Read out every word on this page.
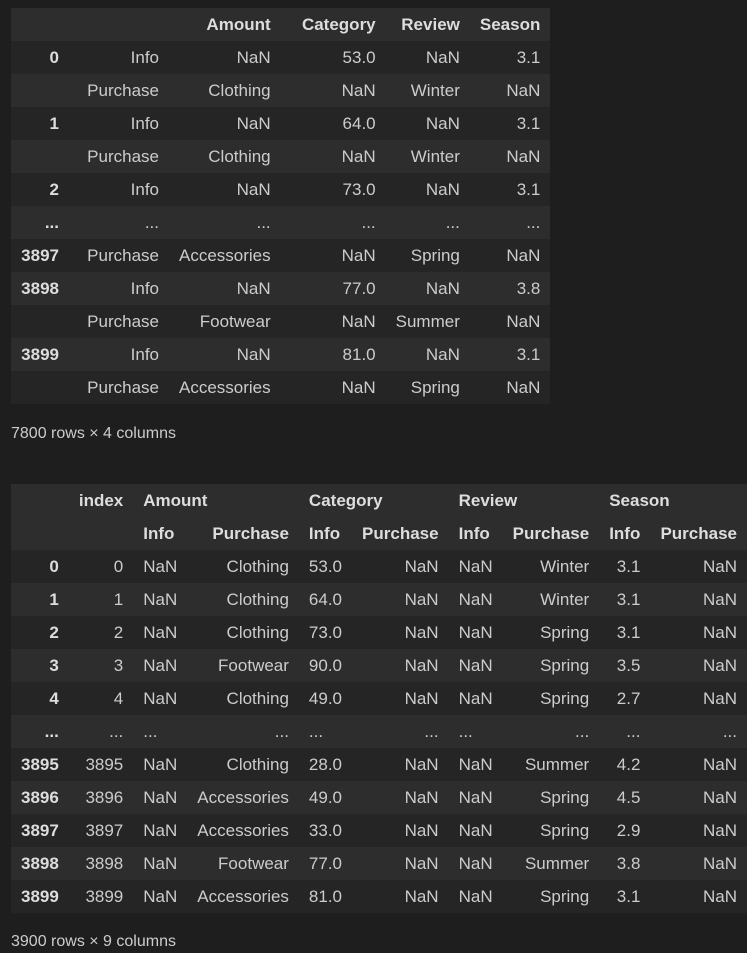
		Amount	Category	Review	Season
0	Info	NaN	53.0	NaN	3.1
	Purchase	Clothing	NaN	Winter	NaN
1	Info	NaN	64.0	NaN	3.1
	Purchase	Clothing	NaN	Winter	NaN
2	Info	NaN	73.0	NaN	3.1
...	...	...	...	...	...
3897	Purchase	Accessories	NaN	Spring	NaN
3898	Info	NaN	77.0	NaN	3.8
	Purchase	Footwear	NaN	Summer	NaN
3899	Info	NaN	81.0	NaN	3.1
	Purchase	Accessories	NaN	Spring	NaN
7800 rows × 4 columns
	index	Amount		Category		Review		Season	
		Info	Purchase	Info	Purchase	Info	Purchase	Info	Purchase
0	0	NaN	Clothing	53.0	NaN	NaN	Winter	3.1	NaN
1	1	NaN	Clothing	64.0	NaN	NaN	Winter	3.1	NaN
2	2	NaN	Clothing	73.0	NaN	NaN	Spring	3.1	NaN
3	3	NaN	Footwear	90.0	NaN	NaN	Spring	3.5	NaN
4	4	NaN	Clothing	49.0	NaN	NaN	Spring	2.7	NaN
...	...	...	...	...	...	...	...	...	...
3895	3895	NaN	Clothing	28.0	NaN	NaN	Summer	4.2	NaN
3896	3896	NaN	Accessories	49.0	NaN	NaN	Spring	4.5	NaN
3897	3897	NaN	Accessories	33.0	NaN	NaN	Spring	2.9	NaN
3898	3898	NaN	Footwear	77.0	NaN	NaN	Summer	3.8	NaN
3899	3899	NaN	Accessories	81.0	NaN	NaN	Spring	3.1	NaN
3900 rows × 9 columns
